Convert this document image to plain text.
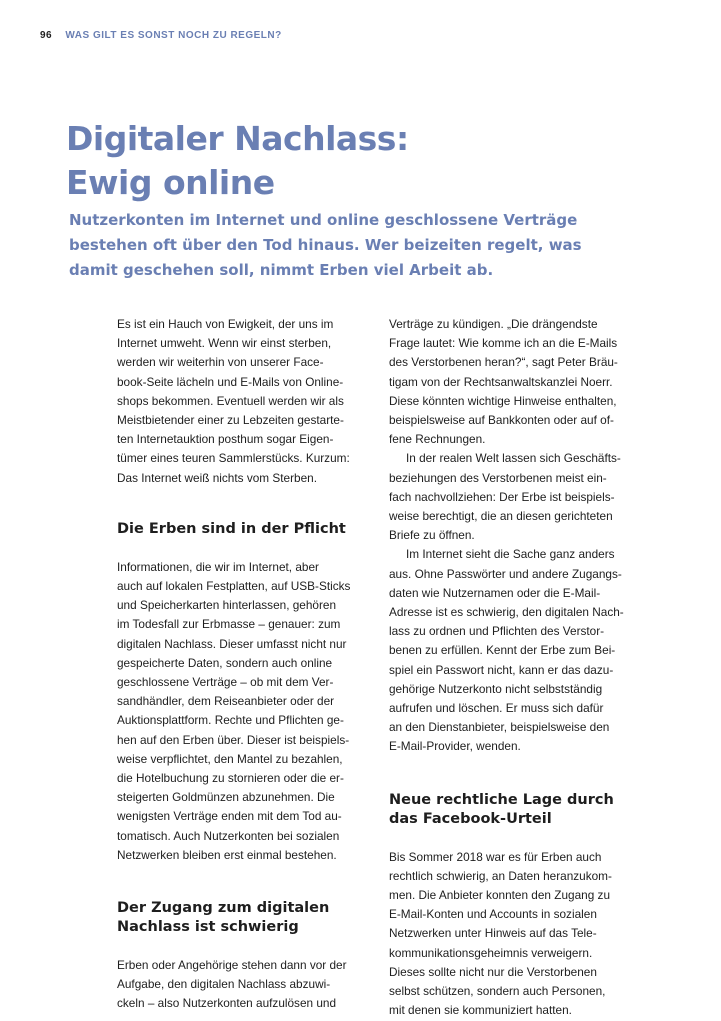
96 WAS GILT ES SONST NOCH ZU REGELN?
Digitaler Nachlass:
Ewig online

Nutzerkonten im Internet und online geschlossene Verträge
bestehen oft über den Tod hinaus. Wer beizeiten regelt, was
damit geschehen soll, nimmt Erben viel Arbeit ab.

Es ist ein Hauch von Ewigkeit, der uns im
Internet umweht. Wenn wir einst sterben,
werden wir weiterhin von unserer Face-
book-Seite lächeln und E-Mails von Online-
shops bekommen. Eventuell werden wir als
Meistbietender einer zu Lebzeiten gestarte-
ten Internetauktion posthum sogar Eigen-
tümer eines teuren Sammlerstücks. Kurzum:
Das Internet weiß nichts vom Sterben.

Die Erben sind in der Pflicht

Informationen, die wir im Internet, aber
auch auf lokalen Festplatten, auf USB-Sticks
und Speicherkarten hinterlassen, gehören
im Todesfall zur Erbmasse – genauer: zum
digitalen Nachlass. Dieser umfasst nicht nur
gespeicherte Daten, sondern auch online
geschlossene Verträge – ob mit dem Ver-
sandhändler, dem Reiseanbieter oder der
Auktionsplattform. Rechte und Pflichten ge-
hen auf den Erben über. Dieser ist beispiels-
weise verpflichtet, den Mantel zu bezahlen,
die Hotelbuchung zu stornieren oder die er-
steigerten Goldmünzen abzunehmen. Die
wenigsten Verträge enden mit dem Tod au-
tomatisch. Auch Nutzerkonten bei sozialen
Netzwerken bleiben erst einmal bestehen.

Der Zugang zum digitalen
Nachlass ist schwierig

Erben oder Angehörige stehen dann vor der
Aufgabe, den digitalen Nachlass abzuwi-
ckeln – also Nutzerkonten aufzulösen und

Verträge zu kündigen. „Die drängendste
Frage lautet: Wie komme ich an die E-Mails
des Verstorbenen heran?“, sagt Peter Bräu-
tigam von der Rechtsanwaltskanzlei Noerr.
Diese könnten wichtige Hinweise enthalten,
beispielsweise auf Bankkonten oder auf of-
fene Rechnungen.

In der realen Welt lassen sich Geschäfts-
beziehungen des Verstorbenen meist ein-
fach nachvollziehen: Der Erbe ist beispiels-
weise berechtigt, die an diesen gerichteten
Briefe zu öffnen.

Im Internet sieht die Sache ganz anders
aus. Ohne Passwörter und andere Zugangs-
daten wie Nutzernamen oder die E-Mail-
Adresse ist es schwierig, den digitalen Nach-
lass zu ordnen und Pflichten des Verstor-
benen zu erfüllen. Kennt der Erbe zum Bei-
spiel ein Passwort nicht, kann er das dazu-
gehörige Nutzerkonto nicht selbstständig
aufrufen und löschen. Er muss sich dafür
an den Dienstanbieter, beispielsweise den
E-Mail-Provider, wenden.

Neue rechtliche Lage durch
das Facebook-Urteil

Bis Sommer 2018 war es für Erben auch
rechtlich schwierig, an Daten heranzukom-
men. Die Anbieter konnten den Zugang zu
E-Mail-Konten und Accounts in sozialen
Netzwerken unter Hinweis auf das Tele-
kommunikationsgeheimnis verweigern.
Dieses sollte nicht nur die Verstorbenen
selbst schützen, sondern auch Personen,
mit denen sie kommuniziert hatten.
